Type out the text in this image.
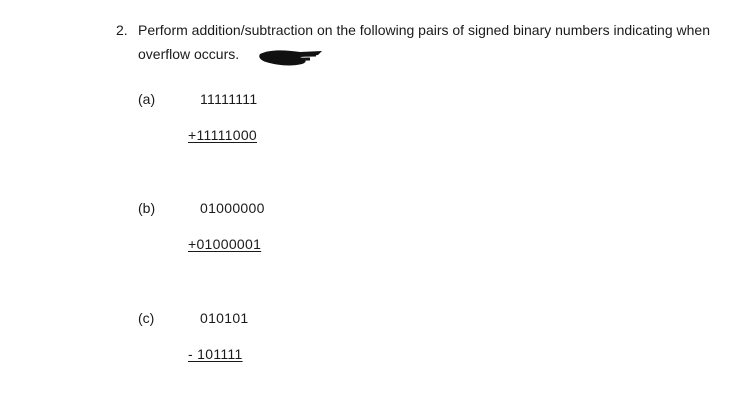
2. Perform addition/subtraction on the following pairs of signed binary numbers indicating when
overflow occurs.
(a)	11111111
+11111000
(b)	01000000
+01000001
(c)	010101
- 101111
